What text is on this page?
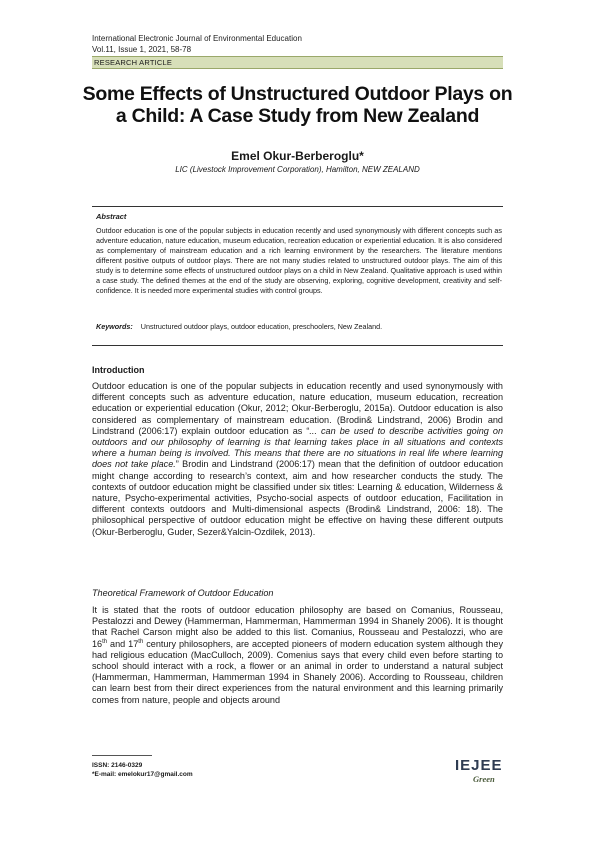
International Electronic Journal of Environmental Education
Vol.11, Issue 1, 2021, 58-78
RESEARCH ARTICLE
Some Effects of Unstructured Outdoor Plays on
a Child: A Case Study from New Zealand
Emel Okur-Berberoglu*
LIC (Livestock Improvement Corporation), Hamilton, NEW ZEALAND
Abstract
Outdoor education is one of the popular subjects in education recently and used synonymously with different concepts such as adventure education, nature education, museum education, recreation education or experiential education. It is also considered as complementary of mainstream education and a rich learning environment by the researchers. The literature mentions different positive outputs of outdoor plays. There are not many studies related to unstructured outdoor plays. The aim of this study is to determine some effects of unstructured outdoor plays on a child in New Zealand. Qualitative approach is used within a case study. The defined themes at the end of the study are observing, exploring, cognitive development, creativity and self-confidence. It is needed more experimental studies with control groups.
Keywords: Unstructured outdoor plays, outdoor education, preschoolers, New Zealand.
Introduction
Outdoor education is one of the popular subjects in education recently and used synonymously with different concepts such as adventure education, nature education, museum education, recreation education or experiential education (Okur, 2012; Okur-Berberoglu, 2015a). Outdoor education is also considered as complementary of mainstream education. (Brodin& Lindstrand, 2006) Brodin and Lindstrand (2006:17) explain outdoor education as “... can be used to describe activities going on outdoors and our philosophy of learning is that learning takes place in all situations and contexts where a human being is involved. This means that there are no situations in real life where learning does not take place.” Brodin and Lindstrand (2006:17) mean that the definition of outdoor education might change according to research’s context, aim and how researcher conducts the study. The contexts of outdoor education might be classified under six titles: Learning & education, Wilderness & nature, Psycho-experimental activities, Psycho-social aspects of outdoor education, Facilitation in different contexts outdoors and Multi-dimensional aspects (Brodin& Lindstrand, 2006: 18). The philosophical perspective of outdoor education might be effective on having these different outputs (Okur-Berberoglu, Guder, Sezer&Yalcin-Ozdilek, 2013).
Theoretical Framework of Outdoor Education
It is stated that the roots of outdoor education philosophy are based on Comanius, Rousseau, Pestalozzi and Dewey (Hammerman, Hammerman, Hammerman 1994 in Shanely 2006). It is thought that Rachel Carson might also be added to this list. Comanius, Rousseau and Pestalozzi, who are 16th and 17th century philosophers, are accepted pioneers of modern education system although they had religious education (MacCulloch, 2009). Comenius says that every child even before starting to school should interact with a rock, a flower or an animal in order to understand a natural subject (Hammerman, Hammerman, Hammerman 1994 in Shanely 2006). According to Rousseau, children can learn best from their direct experiences from the natural environment and this learning primarily comes from nature, people and objects around
ISSN: 2146-0329
*E-mail: emelokur17@gmail.com
IEJEE
Green
